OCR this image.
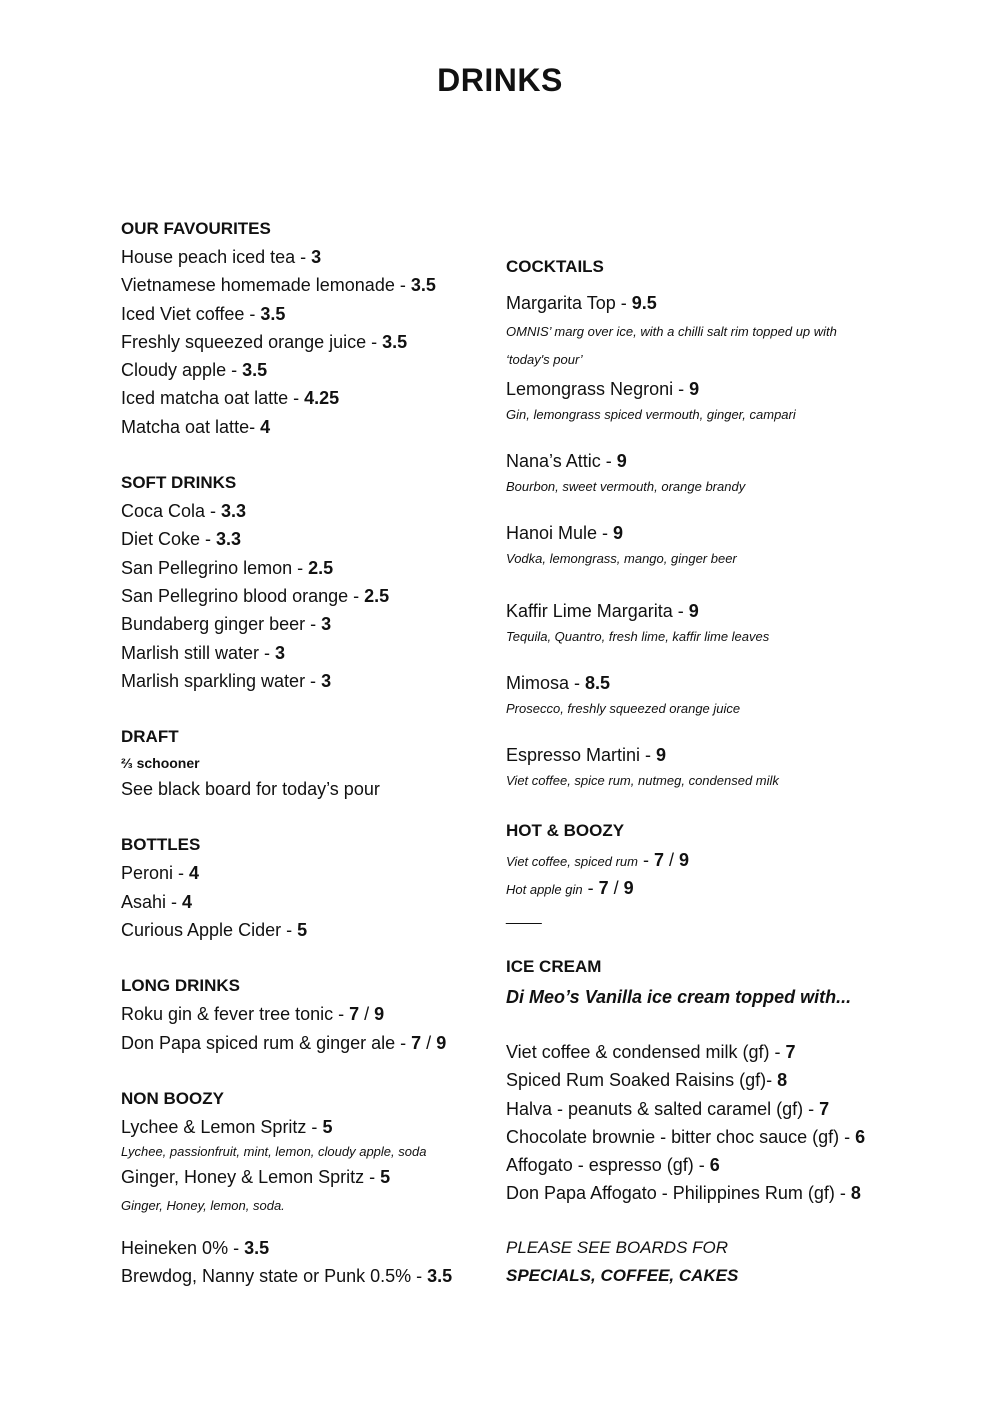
DRINKS
OUR FAVOURITES
House peach iced tea - 3
Vietnamese homemade lemonade - 3.5
Iced Viet coffee - 3.5
Freshly squeezed orange juice - 3.5
Cloudy apple - 3.5
Iced matcha oat latte - 4.25
Matcha oat latte- 4
SOFT DRINKS
Coca Cola - 3.3
Diet Coke - 3.3
San Pellegrino lemon - 2.5
San Pellegrino blood orange - 2.5
Bundaberg ginger beer - 3
Marlish still water - 3
Marlish sparkling water - 3
DRAFT
⅔ schooner
See black board for today’s pour
BOTTLES
Peroni - 4
Asahi - 4
Curious Apple Cider - 5
LONG DRINKS
Roku gin & fever tree tonic - 7 / 9
Don Papa spiced rum & ginger ale - 7 / 9
NON BOOZY
Lychee & Lemon Spritz - 5
Lychee, passionfruit, mint, lemon, cloudy apple, soda
Ginger, Honey & Lemon Spritz - 5
Ginger, Honey, lemon, soda.
Heineken 0% - 3.5
Brewdog, Nanny state or Punk 0.5% - 3.5
COCKTAILS
Margarita Top - 9.5
OMNIS’ marg over ice, with a chilli salt rim topped up with
‘today's pour’
Lemongrass Negroni - 9
Gin, lemongrass spiced vermouth, ginger, campari
Nana’s Attic - 9
Bourbon, sweet vermouth, orange brandy
Hanoi Mule - 9
Vodka, lemongrass, mango, ginger beer
Kaffir Lime Margarita - 9
Tequila, Quantro, fresh lime, kaffir lime leaves
Mimosa - 8.5
Prosecco, freshly squeezed orange juice
Espresso Martini - 9
Viet coffee, spice rum, nutmeg, condensed milk
HOT & BOOZY
Viet coffee, spiced rum - 7 / 9
Hot apple gin - 7 / 9
____
ICE CREAM
Di Meo’s Vanilla ice cream topped with...
Viet coffee & condensed milk (gf) - 7
Spiced Rum Soaked Raisins (gf)- 8
Halva - peanuts & salted caramel (gf) - 7
Chocolate brownie - bitter choc sauce (gf) - 6
Affogato - espresso (gf) - 6
Don Papa Affogato - Philippines Rum (gf) - 8
PLEASE SEE BOARDS FOR
SPECIALS, COFFEE, CAKES
